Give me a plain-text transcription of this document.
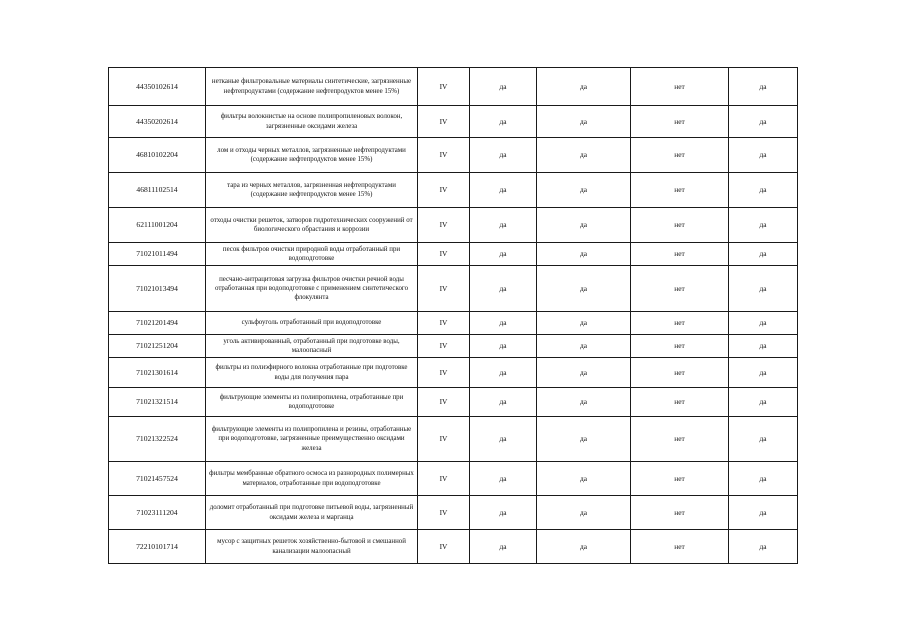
44350102614	нетканые фильтровальные материалы синтетические, загрязненные нефтепродуктами (содержание нефтепродуктов менее 15%)	IV	да	да	нет	да
44350202614	фильтры волокнистые на основе полипропиленовых волокон, загрязненные оксидами железа	IV	да	да	нет	да
46810102204	лом и отходы черных металлов, загрязненные нефтепродуктами (содержание нефтепродуктов менее 15%)	IV	да	да	нет	да
46811102514	тара из черных металлов, загрязненная нефтепродуктами (содержание нефтепродуктов менее 15%)	IV	да	да	нет	да
62111001204	отходы очистки решеток, затворов гидротехнических сооружений от биологического обрастания и коррозии	IV	да	да	нет	да
71021011494	песок фильтров очистки природной воды отработанный при водоподготовке	IV	да	да	нет	да
71021013494	песчано-антрацитовая загрузка фильтров очистки речной воды отработанная при водоподготовке с применением синтетического флокулянта	IV	да	да	нет	да
71021201494	сульфоуголь отработанный при водоподготовке	IV	да	да	нет	да
71021251204	уголь активированный, отработанный при подготовке воды, малоопасный	IV	да	да	нет	да
71021301614	фильтры из полиэфирного волокна отработанные при подготовке воды для получения пара	IV	да	да	нет	да
71021321514	фильтрующие элементы из полипропилена, отработанные при водоподготовке	IV	да	да	нет	да
71021322524	фильтрующие элементы из полипропилена и резины, отработанные при водоподготовке, загрязненные преимущественно оксидами железа	IV	да	да	нет	да
71021457524	фильтры мембранные обратного осмоса из разнородных полимерных материалов, отработанные при водоподготовке	IV	да	да	нет	да
71023111204	доломит отработанный при подготовке питьевой воды, загрязненный оксидами железа и марганца	IV	да	да	нет	да
72210101714	мусор с защитных решеток хозяйственно-бытовой и смешанной канализации малоопасный	IV	да	да	нет	да
